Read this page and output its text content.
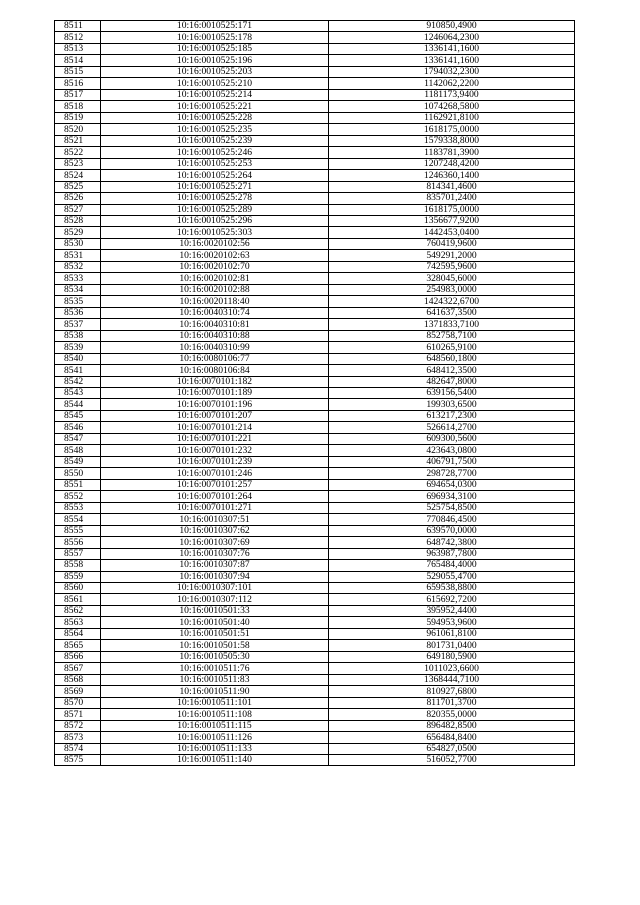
8511	10:16:0010525:171	910850,4900
8512	10:16:0010525:178	1246064,2300
8513	10:16:0010525:185	1336141,1600
8514	10:16:0010525:196	1336141,1600
8515	10:16:0010525:203	1794032,2300
8516	10:16:0010525:210	1142062,2200
8517	10:16:0010525:214	1181173,9400
8518	10:16:0010525:221	1074268,5800
8519	10:16:0010525:228	1162921,8100
8520	10:16:0010525:235	1618175,0000
8521	10:16:0010525:239	1579338,8000
8522	10:16:0010525:246	1183781,3900
8523	10:16:0010525:253	1207248,4200
8524	10:16:0010525:264	1246360,1400
8525	10:16:0010525:271	814341,4600
8526	10:16:0010525:278	835701,2400
8527	10:16:0010525:289	1618175,0000
8528	10:16:0010525:296	1356677,9200
8529	10:16:0010525:303	1442453,0400
8530	10:16:0020102:56	760419,9600
8531	10:16:0020102:63	549291,2000
8532	10:16:0020102:70	742595,9600
8533	10:16:0020102:81	328045,6000
8534	10:16:0020102:88	254983,0000
8535	10:16:0020118:40	1424322,6700
8536	10:16:0040310:74	641637,3500
8537	10:16:0040310:81	1371833,7100
8538	10:16:0040310:88	852758,7100
8539	10:16:0040310:99	610265,9100
8540	10:16:0080106:77	648560,1800
8541	10:16:0080106:84	648412,3500
8542	10:16:0070101:182	482647,8000
8543	10:16:0070101:189	639156,5400
8544	10:16:0070101:196	199303,6500
8545	10:16:0070101:207	613217,2300
8546	10:16:0070101:214	526614,2700
8547	10:16:0070101:221	609300,5600
8548	10:16:0070101:232	423643,0800
8549	10:16:0070101:239	406791,7500
8550	10:16:0070101:246	298728,7700
8551	10:16:0070101:257	694654,0300
8552	10:16:0070101:264	696934,3100
8553	10:16:0070101:271	525754,8500
8554	10:16:0010307:51	770846,4500
8555	10:16:0010307:62	639570,0000
8556	10:16:0010307:69	648742,3800
8557	10:16:0010307:76	963987,7800
8558	10:16:0010307:87	765484,4000
8559	10:16:0010307:94	529055,4700
8560	10:16:0010307:101	659538,8800
8561	10:16:0010307:112	615692,7200
8562	10:16:0010501:33	395952,4400
8563	10:16:0010501:40	594953,9600
8564	10:16:0010501:51	961061,8100
8565	10:16:0010501:58	801731,0400
8566	10:16:0010505:30	649180,5900
8567	10:16:0010511:76	1011023,6600
8568	10:16:0010511:83	1368444,7100
8569	10:16:0010511:90	810927,6800
8570	10:16:0010511:101	811701,3700
8571	10:16:0010511:108	820355,0000
8572	10:16:0010511:115	896482,8500
8573	10:16:0010511:126	656484,8400
8574	10:16:0010511:133	654827,0500
8575	10:16:0010511:140	516052,7700
